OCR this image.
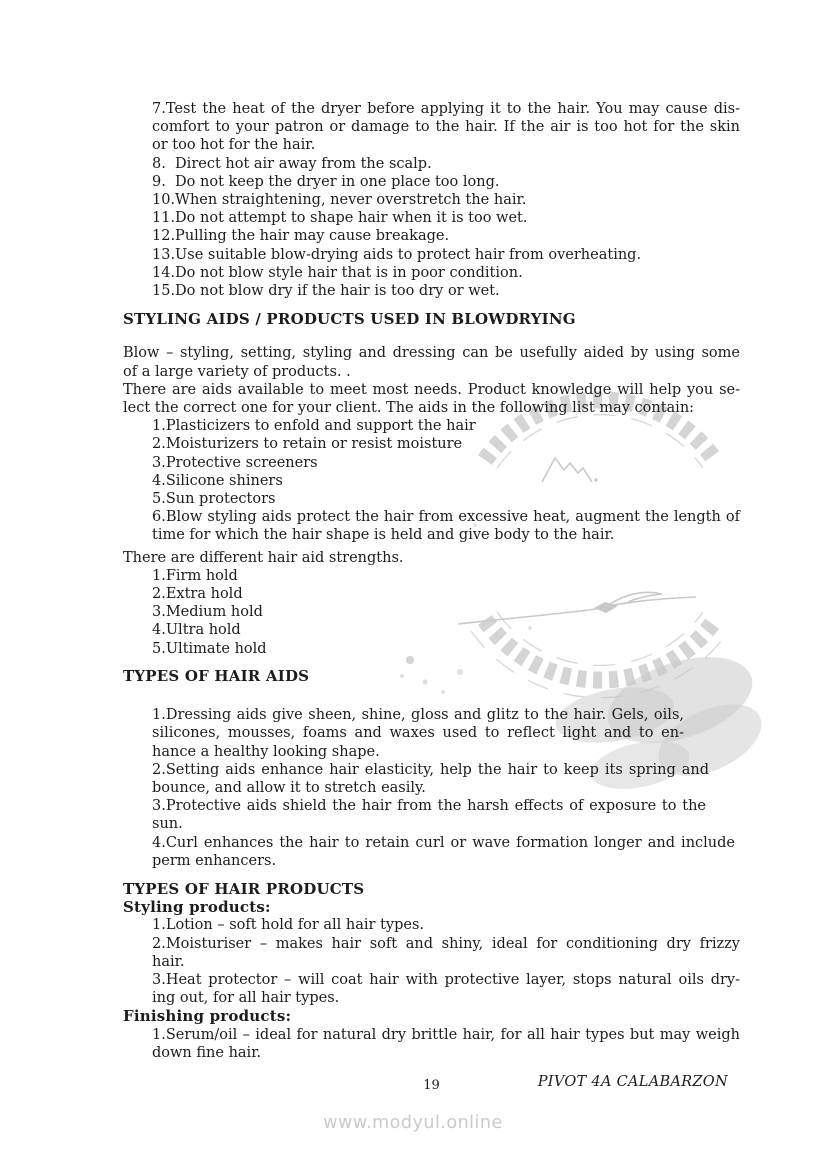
7.Test the heat of the dryer before applying it to the hair. You may cause dis-
comfort to your patron or damage to the hair. If the air is too hot for the skin
or too hot for the hair.
8.  Direct hot air away from the scalp.
9.  Do not keep the dryer in one place too long.
10.When straightening, never overstretch the hair.
11.Do not attempt to shape hair when it is too wet.
12.Pulling the hair may cause breakage.
13.Use suitable blow-drying aids to protect hair from overheating.
14.Do not blow style hair that is in poor condition.
15.Do not blow dry if the hair is too dry or wet.
STYLING AIDS / PRODUCTS USED IN BLOWDRYING
Blow – styling, setting, styling and dressing can be usefully aided by using some
of a large variety of products. .
There are aids available to meet most needs. Product knowledge will help you se-
lect the correct one for your client. The aids in the following list may contain:
1.Plasticizers to enfold and support the hair
2.Moisturizers to retain or resist moisture
3.Protective screeners
4.Silicone shiners
5.Sun protectors
6.Blow styling aids protect the hair from excessive heat, augment the length of
time for which the hair shape is held and give body to the hair.
There are different hair aid strengths.
1.Firm hold
2.Extra hold
3.Medium hold
4.Ultra hold
5.Ultimate hold
TYPES OF HAIR AIDS
1.Dressing aids give sheen, shine, gloss and glitz to the hair. Gels, oils,
silicones, mousses, foams and waxes used to reflect light and to en-
hance a healthy looking shape.
2.Setting aids enhance hair elasticity, help the hair to keep its spring and
bounce, and allow it to stretch easily.
3.Protective aids shield the hair from the harsh effects of exposure to the
sun.
4.Curl enhances the hair to retain curl or wave formation longer and include
perm enhancers.
TYPES OF HAIR PRODUCTS
Styling products:
1.Lotion – soft hold for all hair types.
2.Moisturiser – makes hair soft and shiny, ideal for conditioning dry frizzy
hair.
3.Heat protector – will coat hair with protective layer, stops natural oils dry-
ing out, for all hair types.
Finishing products:
1.Serum/oil – ideal for natural dry brittle hair, for all hair types but may weigh
down fine hair.
19	PIVOT 4A CALABARZON
www.modyul.online
